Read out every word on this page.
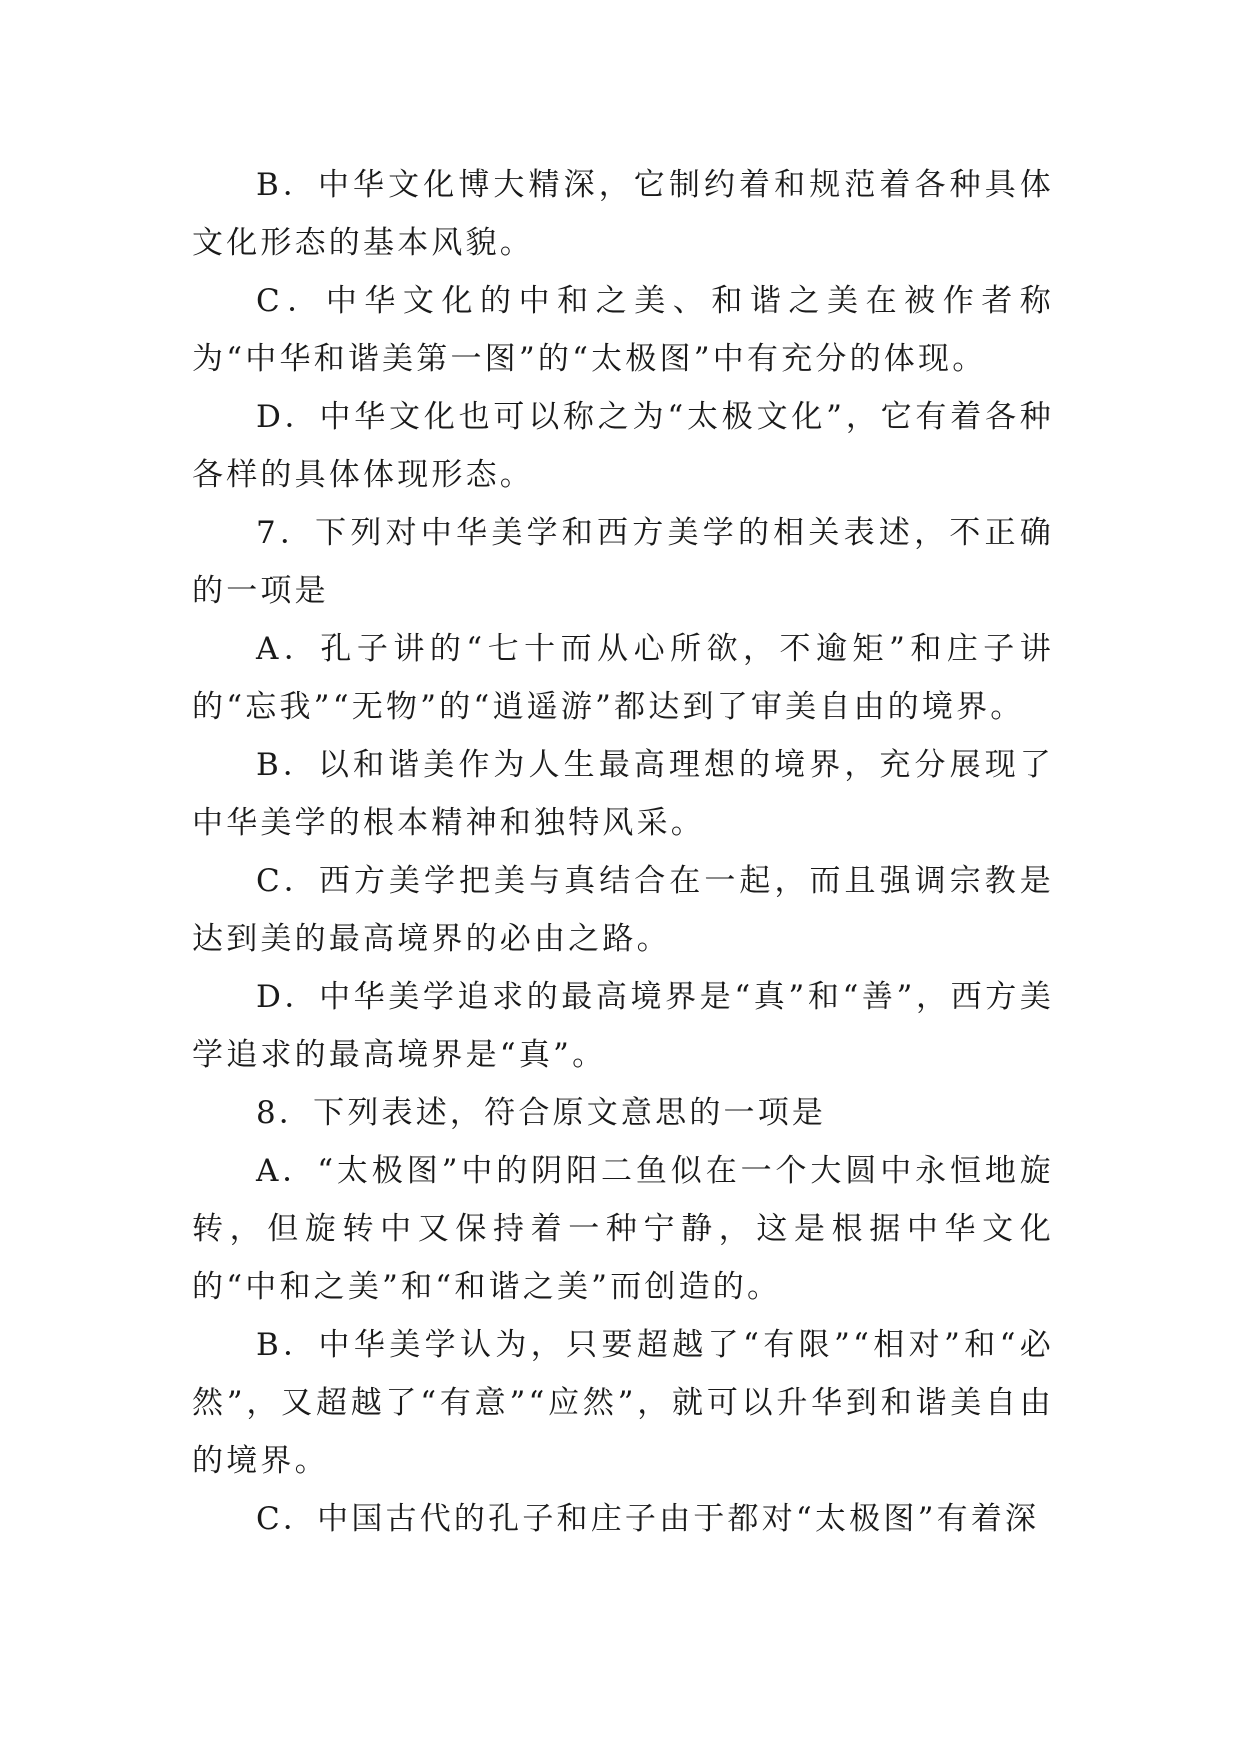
B．中华文化博大精深，它制约着和规范着各种具体文化形态的基本风貌。

C．中华文化的中和之美、和谐之美在被作者称为“中华和谐美第一图”的“太极图”中有充分的体现。

D．中华文化也可以称之为“太极文化”，它有着各种各样的具体体现形态。

7．下列对中华美学和西方美学的相关表述，不正确的一项是

A．孔子讲的“七十而从心所欲，不逾矩”和庄子讲的“忘我”“无物”的“逍遥游”都达到了审美自由的境界。

B．以和谐美作为人生最高理想的境界，充分展现了中华美学的根本精神和独特风采。

C．西方美学把美与真结合在一起，而且强调宗教是达到美的最高境界的必由之路。

D．中华美学追求的最高境界是“真”和“善”，西方美学追求的最高境界是“真”。

8．下列表述，符合原文意思的一项是

A．“太极图”中的阴阳二鱼似在一个大圆中永恒地旋转，但旋转中又保持着一种宁静，这是根据中华文化的“中和之美”和“和谐之美”而创造的。

B．中华美学认为，只要超越了“有限”“相对”和“必然”，又超越了“有意”“应然”，就可以升华到和谐美自由的境界。

C．中国古代的孔子和庄子由于都对“太极图”有着深
